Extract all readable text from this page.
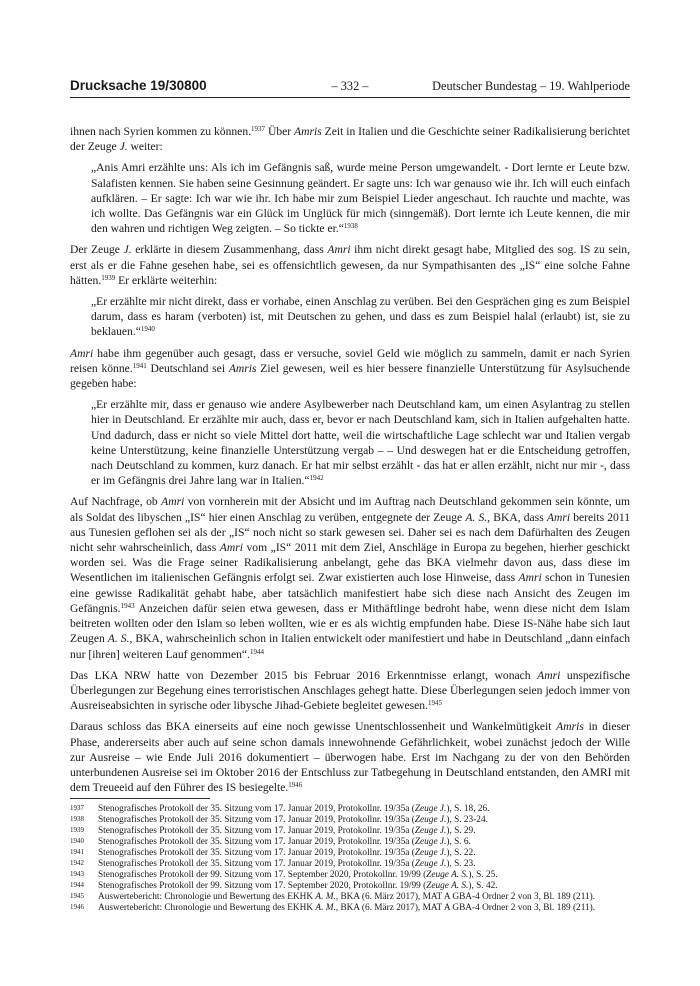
Drucksache 19/30800	– 332 –	Deutscher Bundestag – 19. Wahlperiode

ihnen nach Syrien kommen zu können.$^{1937}$ Über Amris Zeit in Italien und die Geschichte seiner Radikalisierung berichtet der Zeuge J. weiter:

„Anis Amri erzählte uns: Als ich im Gefängnis saß, wurde meine Person umgewandelt. - Dort lernte er Leute bzw. Salafisten kennen. Sie haben seine Gesinnung geändert. Er sagte uns: Ich war genauso wie ihr. Ich will euch einfach aufklären. – Er sagte: Ich war wie ihr. Ich habe mir zum Beispiel Lieder angeschaut. Ich rauchte und machte, was ich wollte. Das Gefängnis war ein Glück im Unglück für mich (sinngemäß). Dort lernte ich Leute kennen, die mir den wahren und richtigen Weg zeigten. – So tickte er.“$^{1938}$

Der Zeuge J. erklärte in diesem Zusammenhang, dass Amri ihm nicht direkt gesagt habe, Mitglied des sog. IS zu sein, erst als er die Fahne gesehen habe, sei es offensichtlich gewesen, da nur Sympathisanten des „IS“ eine solche Fahne hätten.$^{1939}$ Er erklärte weiterhin:

„Er erzählte mir nicht direkt, dass er vorhabe, einen Anschlag zu verüben. Bei den Gesprächen ging es zum Beispiel darum, dass es haram (verboten) ist, mit Deutschen zu gehen, und dass es zum Beispiel halal (erlaubt) ist, sie zu beklauen.“$^{1940}$

Amri habe ihm gegenüber auch gesagt, dass er versuche, soviel Geld wie möglich zu sammeln, damit er nach Syrien reisen könne.$^{1941}$ Deutschland sei Amris Ziel gewesen, weil es hier bessere finanzielle Unterstützung für Asylsuchende gegeben habe:

„Er erzählte mir, dass er genauso wie andere Asylbewerber nach Deutschland kam, um einen Asylantrag zu stellen hier in Deutschland. Er erzählte mir auch, dass er, bevor er nach Deutschland kam, sich in Italien aufgehalten hatte. Und dadurch, dass er nicht so viele Mittel dort hatte, weil die wirtschaftliche Lage schlecht war und Italien vergab keine Unterstützung, keine finanzielle Unterstützung vergab – – Und deswegen hat er die Entscheidung getroffen, nach Deutschland zu kommen, kurz danach. Er hat mir selbst erzählt - das hat er allen erzählt, nicht nur mir -, dass er im Gefängnis drei Jahre lang war in Italien.“$^{1942}$

Auf Nachfrage, ob Amri von vornherein mit der Absicht und im Auftrag nach Deutschland gekommen sein könnte, um als Soldat des libyschen „IS“ hier einen Anschlag zu verüben, entgegnete der Zeuge A. S., BKA, dass Amri bereits 2011 aus Tunesien geflohen sei als der „IS“ noch nicht so stark gewesen sei. Daher sei es nach dem Dafürhalten des Zeugen nicht sehr wahrscheinlich, dass Amri vom „IS“ 2011 mit dem Ziel, Anschläge in Europa zu begehen, hierher geschickt worden sei. Was die Frage seiner Radikalisierung anbelangt, gehe das BKA vielmehr davon aus, dass diese im Wesentlichen im italienischen Gefängnis erfolgt sei. Zwar existierten auch lose Hinweise, dass Amri schon in Tunesien eine gewisse Radikalität gehabt habe, aber tatsächlich manifestiert habe sich diese nach Ansicht des Zeugen im Gefängnis.$^{1943}$ Anzeichen dafür seien etwa gewesen, dass er Mithäftlinge bedroht habe, wenn diese nicht dem Islam beitreten wollten oder den Islam so leben wollten, wie er es als wichtig empfunden habe. Diese IS-Nähe habe sich laut Zeugen A. S., BKA, wahrscheinlich schon in Italien entwickelt oder manifestiert und habe in Deutschland „dann einfach nur [ihren] weiteren Lauf genommen“.$^{1944}$

Das LKA NRW hatte von Dezember 2015 bis Februar 2016 Erkenntnisse erlangt, wonach Amri unspezifische Überlegungen zur Begehung eines terroristischen Anschlages gehegt hatte. Diese Überlegungen seien jedoch immer von Ausreiseabsichten in syrische oder libysche Jihad-Gebiete begleitet gewesen.$^{1945}$

Daraus schloss das BKA einerseits auf eine noch gewisse Unentschlossenheit und Wankelmütigkeit Amris in dieser Phase, andererseits aber auch auf seine schon damals innewohnende Gefährlichkeit, wobei zunächst jedoch der Wille zur Ausreise – wie Ende Juli 2016 dokumentiert – überwogen habe. Erst im Nachgang zu der von den Behörden unterbundenen Ausreise sei im Oktober 2016 der Entschluss zur Tatbegehung in Deutschland entstanden, den AMRI mit dem Treueeid auf den Führer des IS besiegelte.$^{1946}$

1937	Stenografisches Protokoll der 35. Sitzung vom 17. Januar 2019, Protokollnr. 19/35a (Zeuge J.), S. 18, 26.
1938	Stenografisches Protokoll der 35. Sitzung vom 17. Januar 2019, Protokollnr. 19/35a (Zeuge J.), S. 23-24.
1939	Stenografisches Protokoll der 35. Sitzung vom 17. Januar 2019, Protokollnr. 19/35a (Zeuge J.), S. 29.
1940	Stenografisches Protokoll der 35. Sitzung vom 17. Januar 2019, Protokollnr. 19/35a (Zeuge J.), S. 6.
1941	Stenografisches Protokoll der 35. Sitzung vom 17. Januar 2019, Protokollnr. 19/35a (Zeuge J.), S. 22.
1942	Stenografisches Protokoll der 35. Sitzung vom 17. Januar 2019, Protokollnr. 19/35a (Zeuge J.), S. 23.
1943	Stenografisches Protokoll der 99. Sitzung vom 17. September 2020, Protokollnr. 19/99 (Zeuge A. S.), S. 25.
1944	Stenografisches Protokoll der 99. Sitzung vom 17. September 2020, Protokollnr. 19/99 (Zeuge A. S.), S. 42.
1945	Auswertebericht: Chronologie und Bewertung des EKHK A. M., BKA (6. März 2017), MAT A GBA-4 Ordner 2 von 3, Bl. 189 (211).
1946	Auswertebericht: Chronologie und Bewertung des EKHK A. M., BKA (6. März 2017), MAT A GBA-4 Ordner 2 von 3, Bl. 189 (211).
